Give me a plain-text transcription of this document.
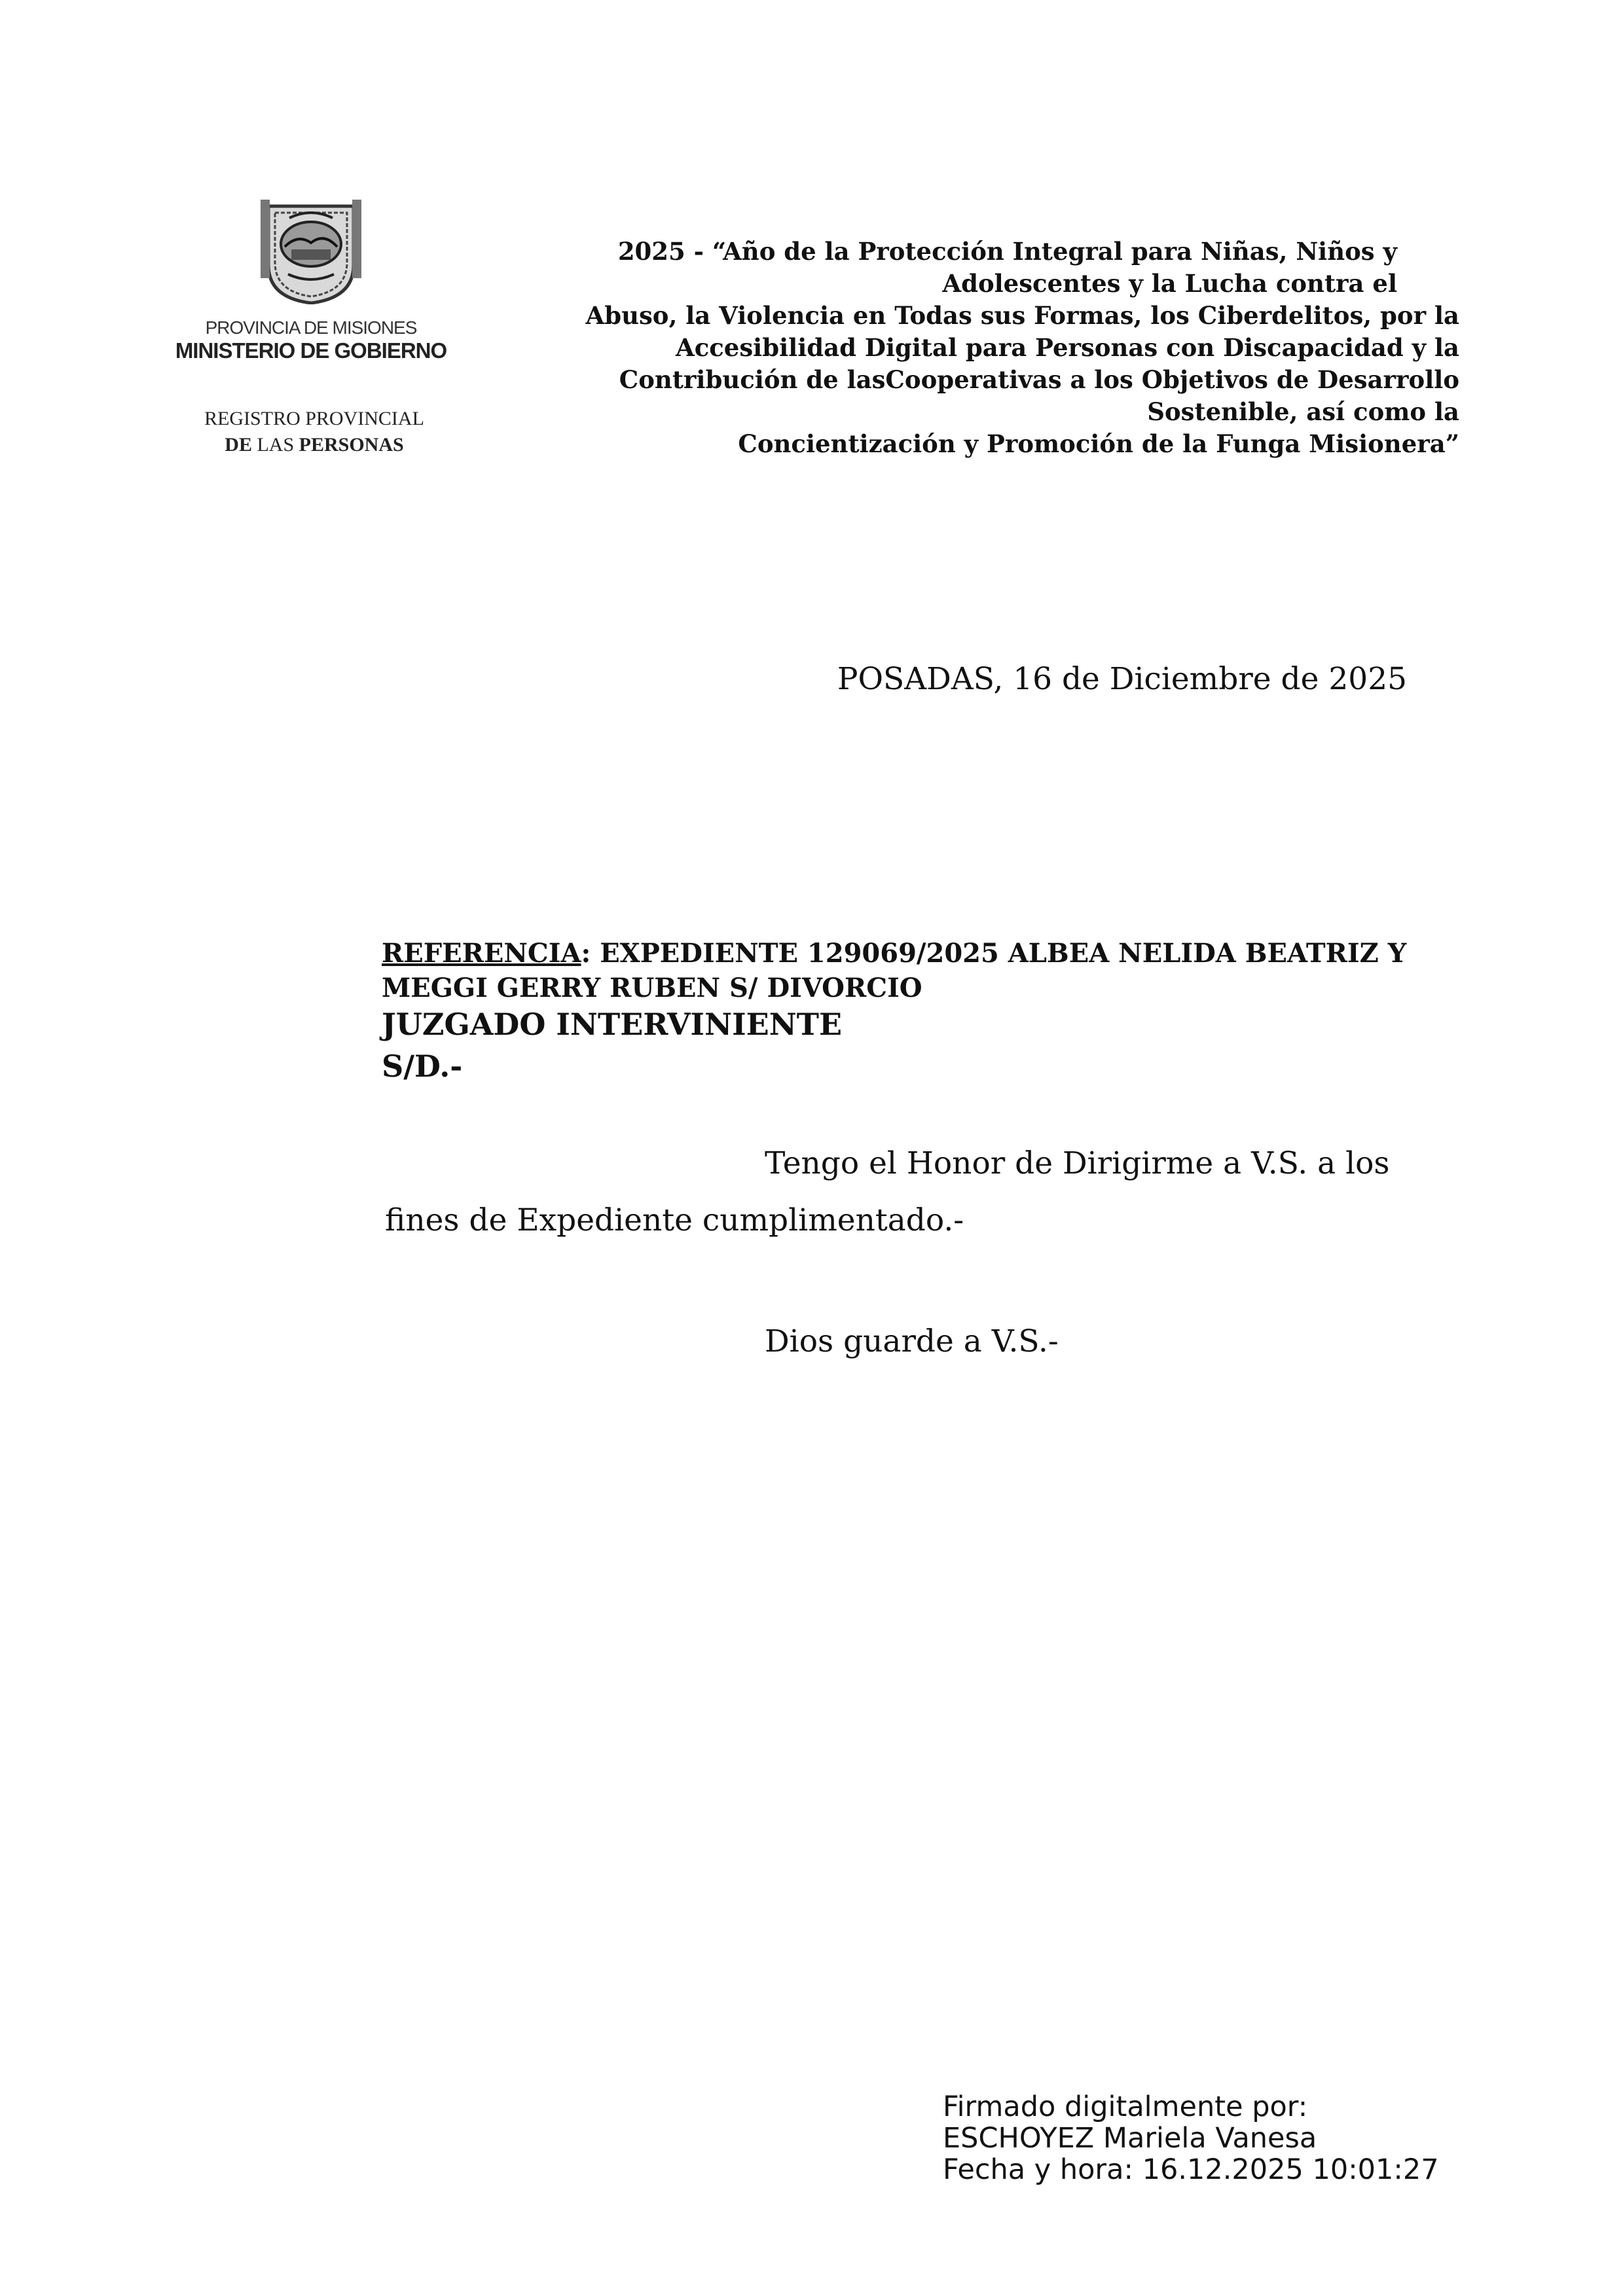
PROVINCIA DE MISIONES
MINISTERIO DE GOBIERNO
REGISTRO PROVINCIAL
DE LAS PERSONAS
2025 - “Año de la Protección Integral para Niñas, Niños y
Adolescentes y la Lucha contra el
Abuso, la Violencia en Todas sus Formas, los Ciberdelitos, por la
Accesibilidad Digital para Personas con Discapacidad y la
Contribución de lasCooperativas a los Objetivos de Desarrollo
Sostenible, así como la
Concientización y Promoción de la Funga Misionera”
POSADAS, 16 de Diciembre de 2025
REFERENCIA: EXPEDIENTE 129069/2025 ALBEA NELIDA BEATRIZ Y
MEGGI GERRY RUBEN S/ DIVORCIO
JUZGADO INTERVINIENTE
S/D.-
Tengo el Honor de Dirigirme a V.S. a los
fines de Expediente cumplimentado.-
Dios guarde a V.S.-
Firmado digitalmente por:
ESCHOYEZ Mariela Vanesa
Fecha y hora: 16.12.2025 10:01:27
